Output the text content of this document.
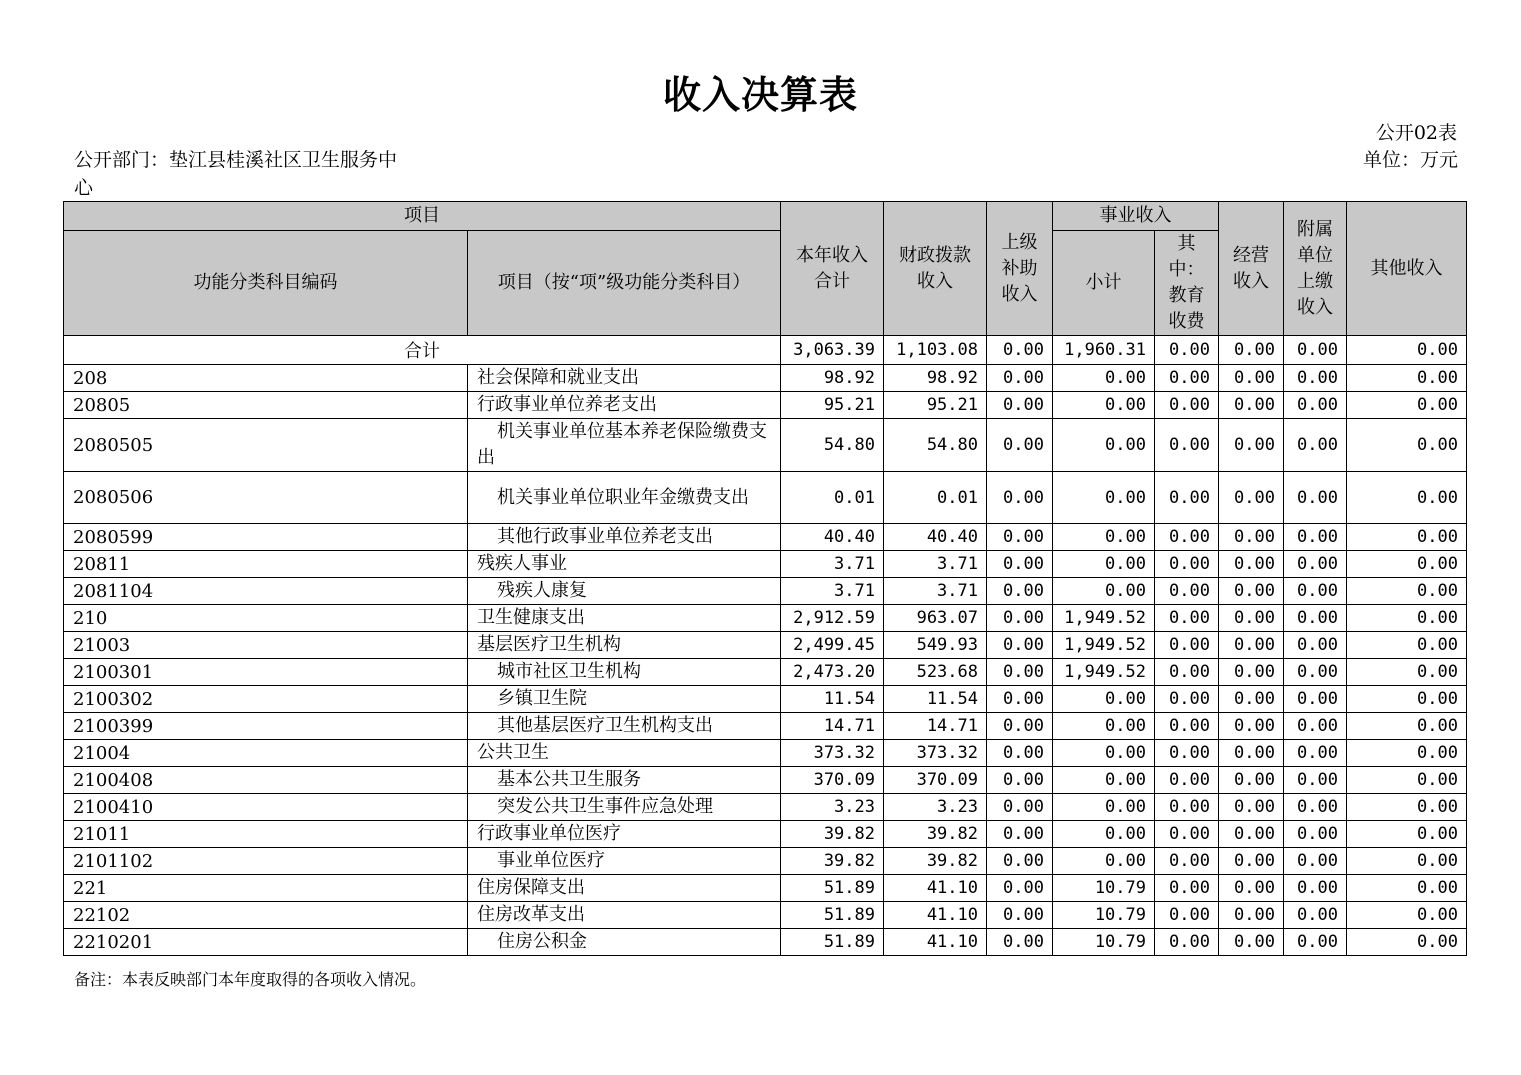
收入决算表
公开02表
单位：万元
公开部门：垫江县桂溪社区卫生服务中心
项目		本年收入合计	财政拨款收入	上级补助收入	事业收入		经营收入	附属单位上缴收入	其他收入
功能分类科目编码	项目（按“项”级功能分类科目）				小计	其中：教育收费			
合计		3,063.39	1,103.08	0.00	1,960.31	0.00	0.00	0.00	0.00
208	社会保障和就业支出	98.92	98.92	0.00	0.00	0.00	0.00	0.00	0.00
20805	行政事业单位养老支出	95.21	95.21	0.00	0.00	0.00	0.00	0.00	0.00
2080505	机关事业单位基本养老保险缴费支出	54.80	54.80	0.00	0.00	0.00	0.00	0.00	0.00
2080506	机关事业单位职业年金缴费支出	0.01	0.01	0.00	0.00	0.00	0.00	0.00	0.00
2080599	其他行政事业单位养老支出	40.40	40.40	0.00	0.00	0.00	0.00	0.00	0.00
20811	残疾人事业	3.71	3.71	0.00	0.00	0.00	0.00	0.00	0.00
2081104	残疾人康复	3.71	3.71	0.00	0.00	0.00	0.00	0.00	0.00
210	卫生健康支出	2,912.59	963.07	0.00	1,949.52	0.00	0.00	0.00	0.00
21003	基层医疗卫生机构	2,499.45	549.93	0.00	1,949.52	0.00	0.00	0.00	0.00
2100301	城市社区卫生机构	2,473.20	523.68	0.00	1,949.52	0.00	0.00	0.00	0.00
2100302	乡镇卫生院	11.54	11.54	0.00	0.00	0.00	0.00	0.00	0.00
2100399	其他基层医疗卫生机构支出	14.71	14.71	0.00	0.00	0.00	0.00	0.00	0.00
21004	公共卫生	373.32	373.32	0.00	0.00	0.00	0.00	0.00	0.00
2100408	基本公共卫生服务	370.09	370.09	0.00	0.00	0.00	0.00	0.00	0.00
2100410	突发公共卫生事件应急处理	3.23	3.23	0.00	0.00	0.00	0.00	0.00	0.00
21011	行政事业单位医疗	39.82	39.82	0.00	0.00	0.00	0.00	0.00	0.00
2101102	事业单位医疗	39.82	39.82	0.00	0.00	0.00	0.00	0.00	0.00
221	住房保障支出	51.89	41.10	0.00	10.79	0.00	0.00	0.00	0.00
22102	住房改革支出	51.89	41.10	0.00	10.79	0.00	0.00	0.00	0.00
2210201	住房公积金	51.89	41.10	0.00	10.79	0.00	0.00	0.00	0.00
备注：本表反映部门本年度取得的各项收入情况。
